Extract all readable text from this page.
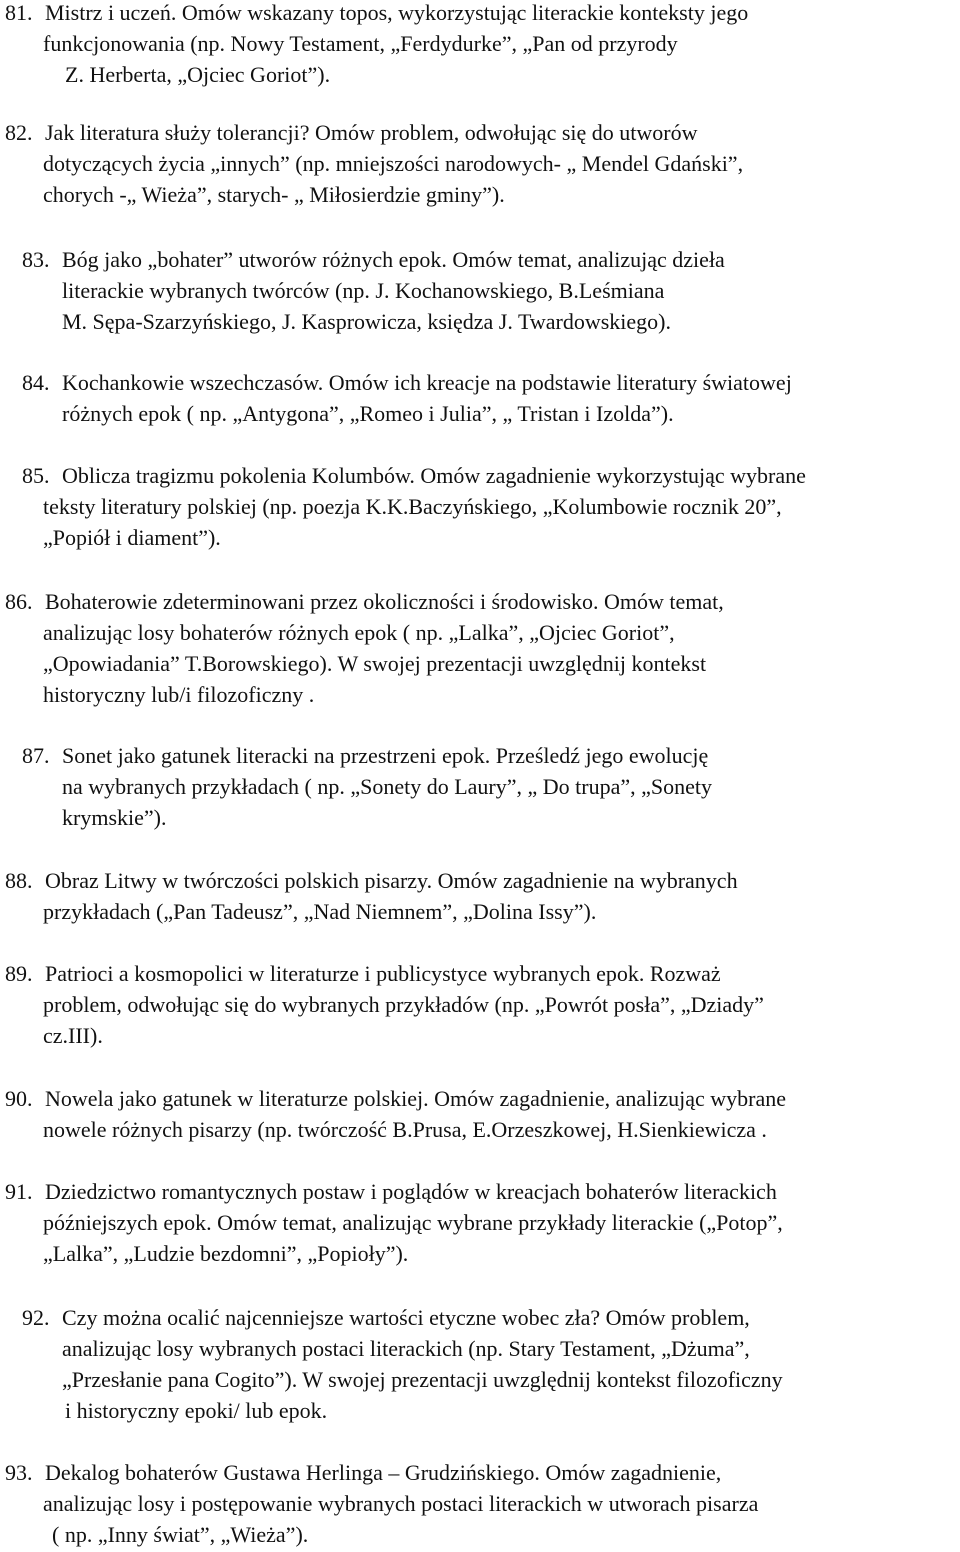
81. Mistrz i uczeń. Omów wskazany topos, wykorzystując literackie konteksty jego
funkcjonowania (np. Nowy Testament, „Ferdydurke”, „Pan od przyrody
Z. Herberta, „Ojciec Goriot”).
82. Jak literatura służy tolerancji? Omów problem, odwołując się do utworów
dotyczących życia „innych” (np. mniejszości narodowych- „ Mendel Gdański”,
chorych -„ Wieża”, starych- „ Miłosierdzie gminy”).
83. Bóg jako „bohater” utworów różnych epok. Omów temat, analizując dzieła
literackie wybranych twórców (np. J. Kochanowskiego, B.Leśmiana
M. Sępa-Szarzyńskiego, J. Kasprowicza, księdza J. Twardowskiego).
84. Kochankowie wszechczasów. Omów ich kreacje na podstawie literatury światowej
różnych epok ( np. „Antygona”, „Romeo i Julia”, „ Tristan i Izolda”).
85. Oblicza tragizmu pokolenia Kolumbów. Omów zagadnienie wykorzystując wybrane
teksty literatury polskiej (np. poezja K.K.Baczyńskiego, „Kolumbowie rocznik 20”,
„Popiół i diament”).
86. Bohaterowie zdeterminowani przez okoliczności i środowisko. Omów temat,
analizując losy bohaterów różnych epok ( np. „Lalka”, „Ojciec Goriot”,
„Opowiadania” T.Borowskiego). W swojej prezentacji uwzględnij kontekst
historyczny lub/i filozoficzny .
87. Sonet jako gatunek literacki na przestrzeni epok. Prześledź jego ewolucję
na wybranych przykładach ( np. „Sonety do Laury”, „ Do trupa”, „Sonety
krymskie”).
88. Obraz Litwy w twórczości polskich pisarzy. Omów zagadnienie na wybranych
przykładach („Pan Tadeusz”, „Nad Niemnem”, „Dolina Issy”).
89. Patrioci a kosmopolici w literaturze i publicystyce wybranych epok. Rozważ
problem, odwołując się do wybranych przykładów (np. „Powrót posła”, „Dziady”
cz.III).
90. Nowela jako gatunek w literaturze polskiej. Omów zagadnienie, analizując wybrane
nowele różnych pisarzy (np. twórczość B.Prusa, E.Orzeszkowej, H.Sienkiewicza .
91. Dziedzictwo romantycznych postaw i poglądów w kreacjach bohaterów literackich
późniejszych epok. Omów temat, analizując wybrane przykłady literackie („Potop”,
„Lalka”, „Ludzie bezdomni”, „Popioły”).
92. Czy można ocalić najcenniejsze wartości etyczne wobec zła? Omów problem,
analizując losy wybranych postaci literackich (np. Stary Testament, „Dżuma”,
„Przesłanie pana Cogito”). W swojej prezentacji uwzględnij kontekst filozoficzny
i historyczny epoki/ lub epok.
93. Dekalog bohaterów Gustawa Herlinga – Grudzińskiego. Omów zagadnienie,
analizując losy i postępowanie wybranych postaci literackich w utworach pisarza
( np. „Inny świat”, „Wieża”).
